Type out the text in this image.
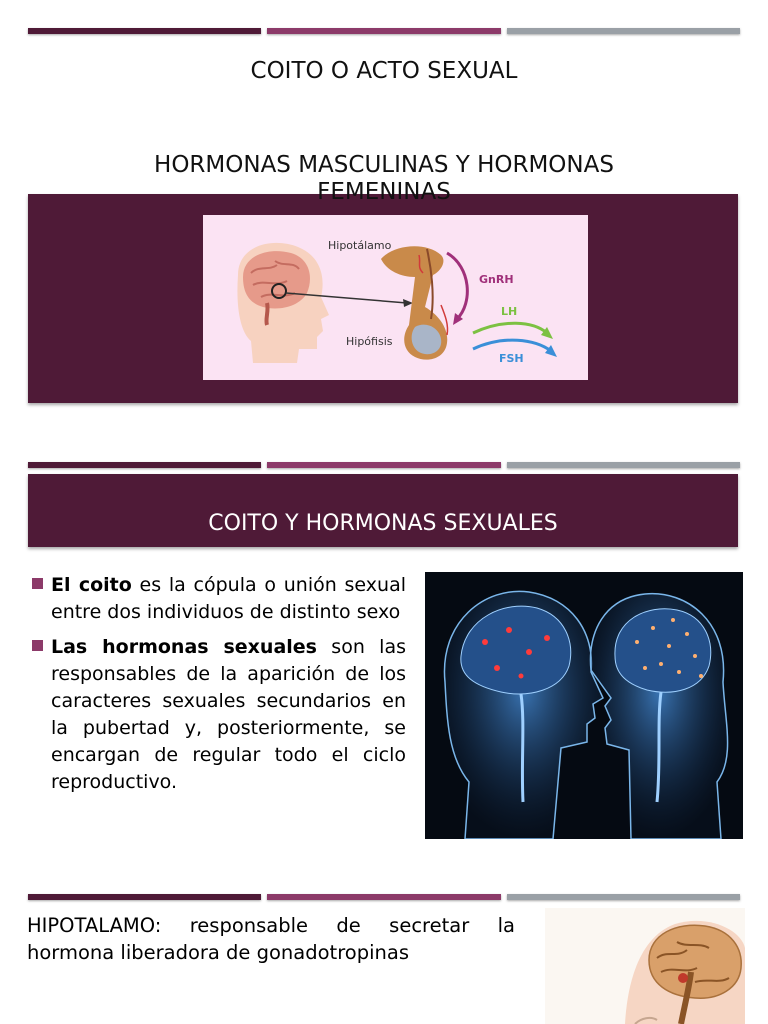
COITO O ACTO SEXUAL
HORMONAS MASCULINAS Y HORMONAS FEMENINAS
Hipotálamo
Hipófisis
GnRH
LH
FSH
COITO Y HORMONAS SEXUALES
El coito es la cópula o unión sexual entre dos individuos de distinto sexo
Las hormonas sexuales son las responsables de la aparición de los caracteres sexuales secundarios en la pubertad y, posteriormente, se encargan de regular todo el ciclo reproductivo.
HIPOTALAMO: responsable de secretar la hormona liberadora de gonadotropinas
